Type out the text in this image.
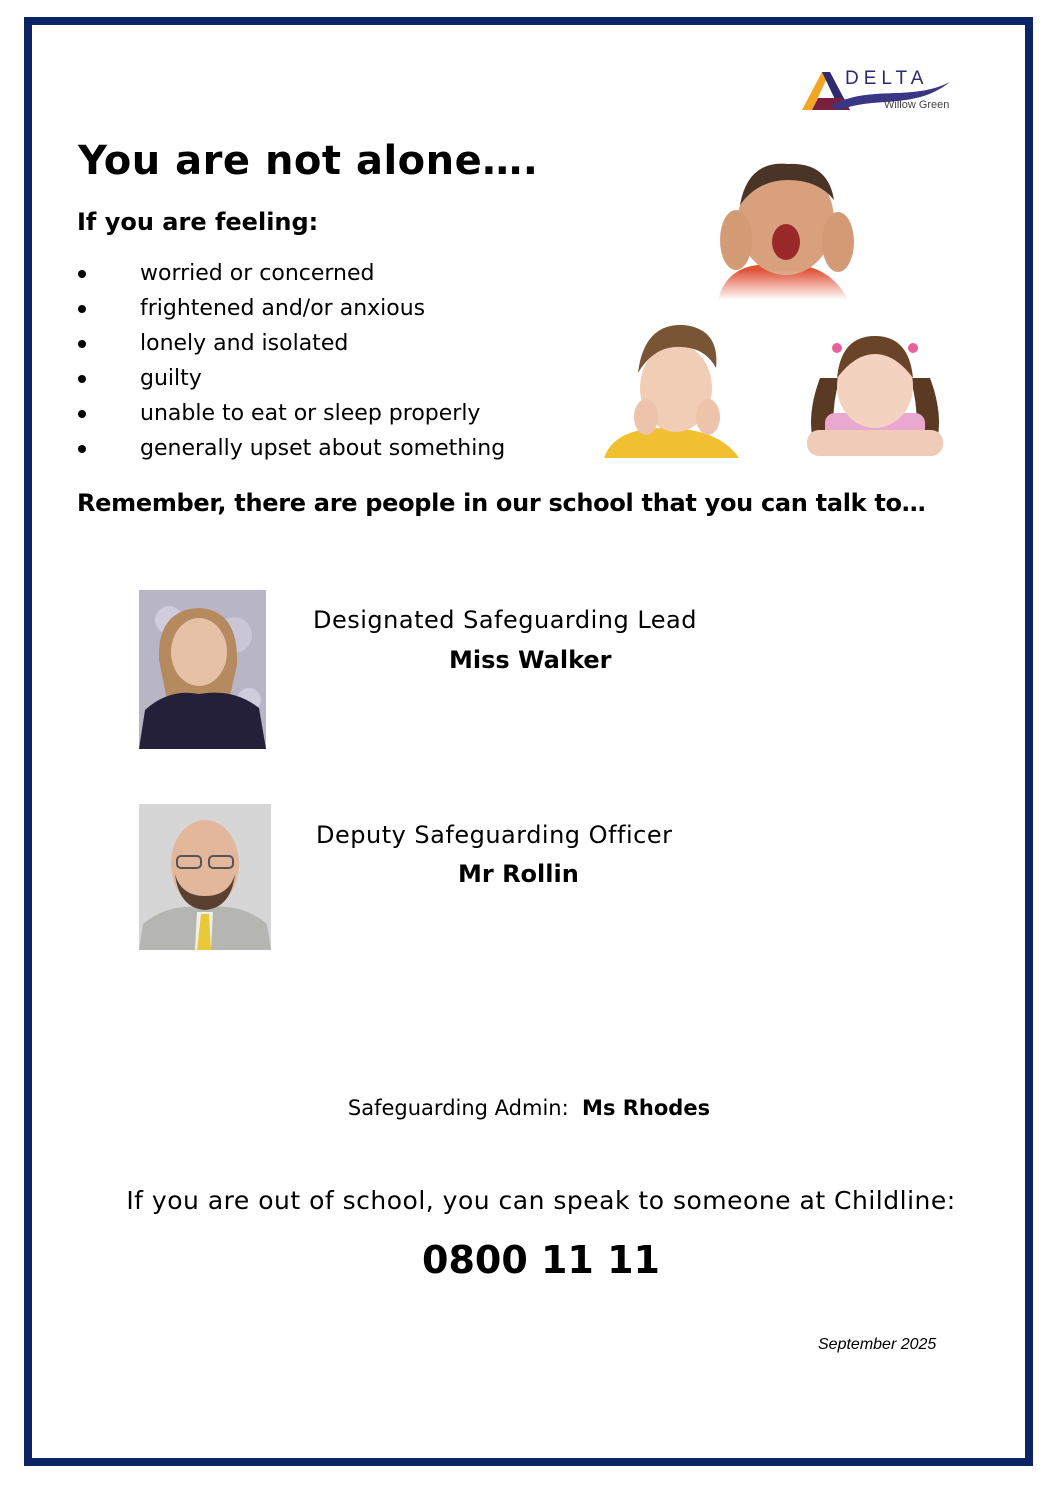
DELTA
Willow Green
You are not alone….
If you are feeling:
worried or concerned
frightened and/or anxious
lonely and isolated
guilty
unable to eat or sleep properly
generally upset about something
Remember, there are people in our school that you can talk to…
Designated Safeguarding Lead
Miss Walker
Deputy Safeguarding Officer
Mr Rollin
Safeguarding Admin: Ms Rhodes
If you are out of school, you can speak to someone at Childline:
0800 11 11
September 2025
